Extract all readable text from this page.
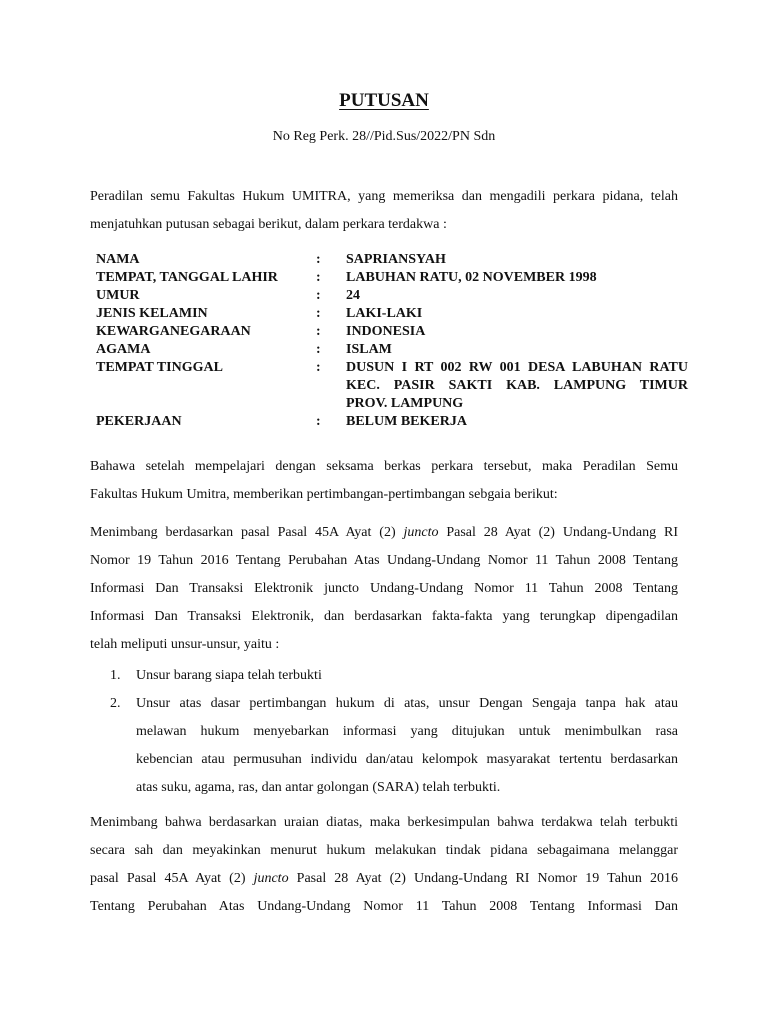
PUTUSAN
No Reg Perk. 28//Pid.Sus/2022/PN Sdn
Peradilan semu Fakultas Hukum UMITRA, yang memeriksa dan mengadili perkara pidana, telah
menjatuhkan putusan sebagai berikut, dalam perkara terdakwa :
NAMA	:	SAPRIANSYAH
TEMPAT, TANGGAL LAHIR	:	LABUHAN RATU, 02 NOVEMBER 1998
UMUR	:	24
JENIS KELAMIN	:	LAKI-LAKI
KEWARGANEGARAAN	:	INDONESIA
AGAMA	:	ISLAM
TEMPAT TINGGAL	:	DUSUN I RT 002 RW 001 DESA LABUHAN RATU
KEC. PASIR SAKTI KAB. LAMPUNG TIMUR
PROV. LAMPUNG
PEKERJAAN	:	BELUM BEKERJA
Bahawa setelah mempelajari dengan seksama berkas perkara tersebut, maka Peradilan Semu
Fakultas Hukum Umitra, memberikan pertimbangan-pertimbangan sebgaia berikut:
Menimbang berdasarkan pasal Pasal 45A Ayat (2) juncto Pasal 28 Ayat (2) Undang-Undang RI
Nomor 19 Tahun 2016 Tentang Perubahan Atas Undang-Undang Nomor 11 Tahun 2008 Tentang
Informasi Dan Transaksi Elektronik juncto Undang-Undang Nomor 11 Tahun 2008 Tentang
Informasi Dan Transaksi Elektronik, dan berdasarkan fakta-fakta yang terungkap dipengadilan
telah meliputi unsur-unsur, yaitu :
1.	Unsur barang siapa telah terbukti
2.	Unsur atas dasar pertimbangan hukum di atas, unsur Dengan Sengaja tanpa hak atau
melawan hukum menyebarkan informasi yang ditujukan untuk menimbulkan rasa
kebencian atau permusuhan individu dan/atau kelompok masyarakat tertentu berdasarkan
atas suku, agama, ras, dan antar golongan (SARA) telah terbukti.
Menimbang bahwa berdasarkan uraian diatas, maka berkesimpulan bahwa terdakwa telah terbukti
secara sah dan meyakinkan menurut hukum melakukan tindak pidana sebagaimana melanggar
pasal Pasal 45A Ayat (2) juncto Pasal 28 Ayat (2) Undang-Undang RI Nomor 19 Tahun 2016
Tentang Perubahan Atas Undang-Undang Nomor 11 Tahun 2008 Tentang Informasi Dan
